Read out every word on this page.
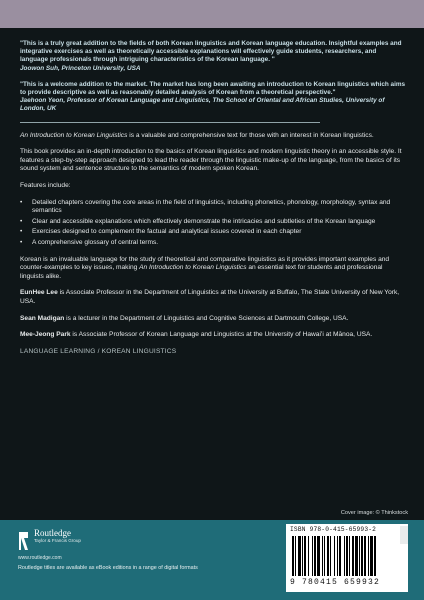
"This is a truly great addition to the fields of both Korean linguistics and Korean language education. Insightful examples and integrative exercises as well as theoretically accessible explanations will effectively guide students, researchers, and language professionals through intriguing characteristics of the Korean language. "

Joowon Suh, Princeton University, USA

"This is a welcome addition to the market. The market has long been awaiting an introduction to Korean linguistics which aims to provide descriptive as well as reasonably detailed analysis of Korean from a theoretical perspective."

Jaehoon Yeon, Professor of Korean Language and Linguistics, The School of Oriental and African Studies, University of London, UK

An Introduction to Korean Linguistics is a valuable and comprehensive text for those with an interest in Korean linguistics.

This book provides an in-depth introduction to the basics of Korean linguistics and modern linguistic theory in an accessible style. It features a step-by-step approach designed to lead the reader through the linguistic make-up of the language, from the basics of its sound system and sentence structure to the semantics of modern spoken Korean.

Features include:

• Detailed chapters covering the core areas in the field of linguistics, including phonetics, phonology, morphology, syntax and semantics
• Clear and accessible explanations which effectively demonstrate the intricacies and subtleties of the Korean language
• Exercises designed to complement the factual and analytical issues covered in each chapter
• A comprehensive glossary of central terms.

Korean is an invaluable language for the study of theoretical and comparative linguistics as it provides important examples and counter-examples to key issues, making An Introduction to Korean Linguistics an essential text for students and professional linguists alike.

EunHee Lee is Associate Professor in the Department of Linguistics at the University at Buffalo, The State University of New York, USA.

Sean Madigan is a lecturer in the Department of Linguistics and Cognitive Sciences at Dartmouth College, USA.

Mee-Jeong Park is Associate Professor of Korean Language and Linguistics at the University of Hawaiʻi at Mānoa, USA.

LANGUAGE LEARNING / KOREAN LINGUISTICS
Cover image: © Thinkstock
Routledge
Taylor & Francis Group
www.routledge.com
Routledge titles are available as eBook editions in a range of digital formats
ISBN 978-0-415-65993-2
9 780415 659932
